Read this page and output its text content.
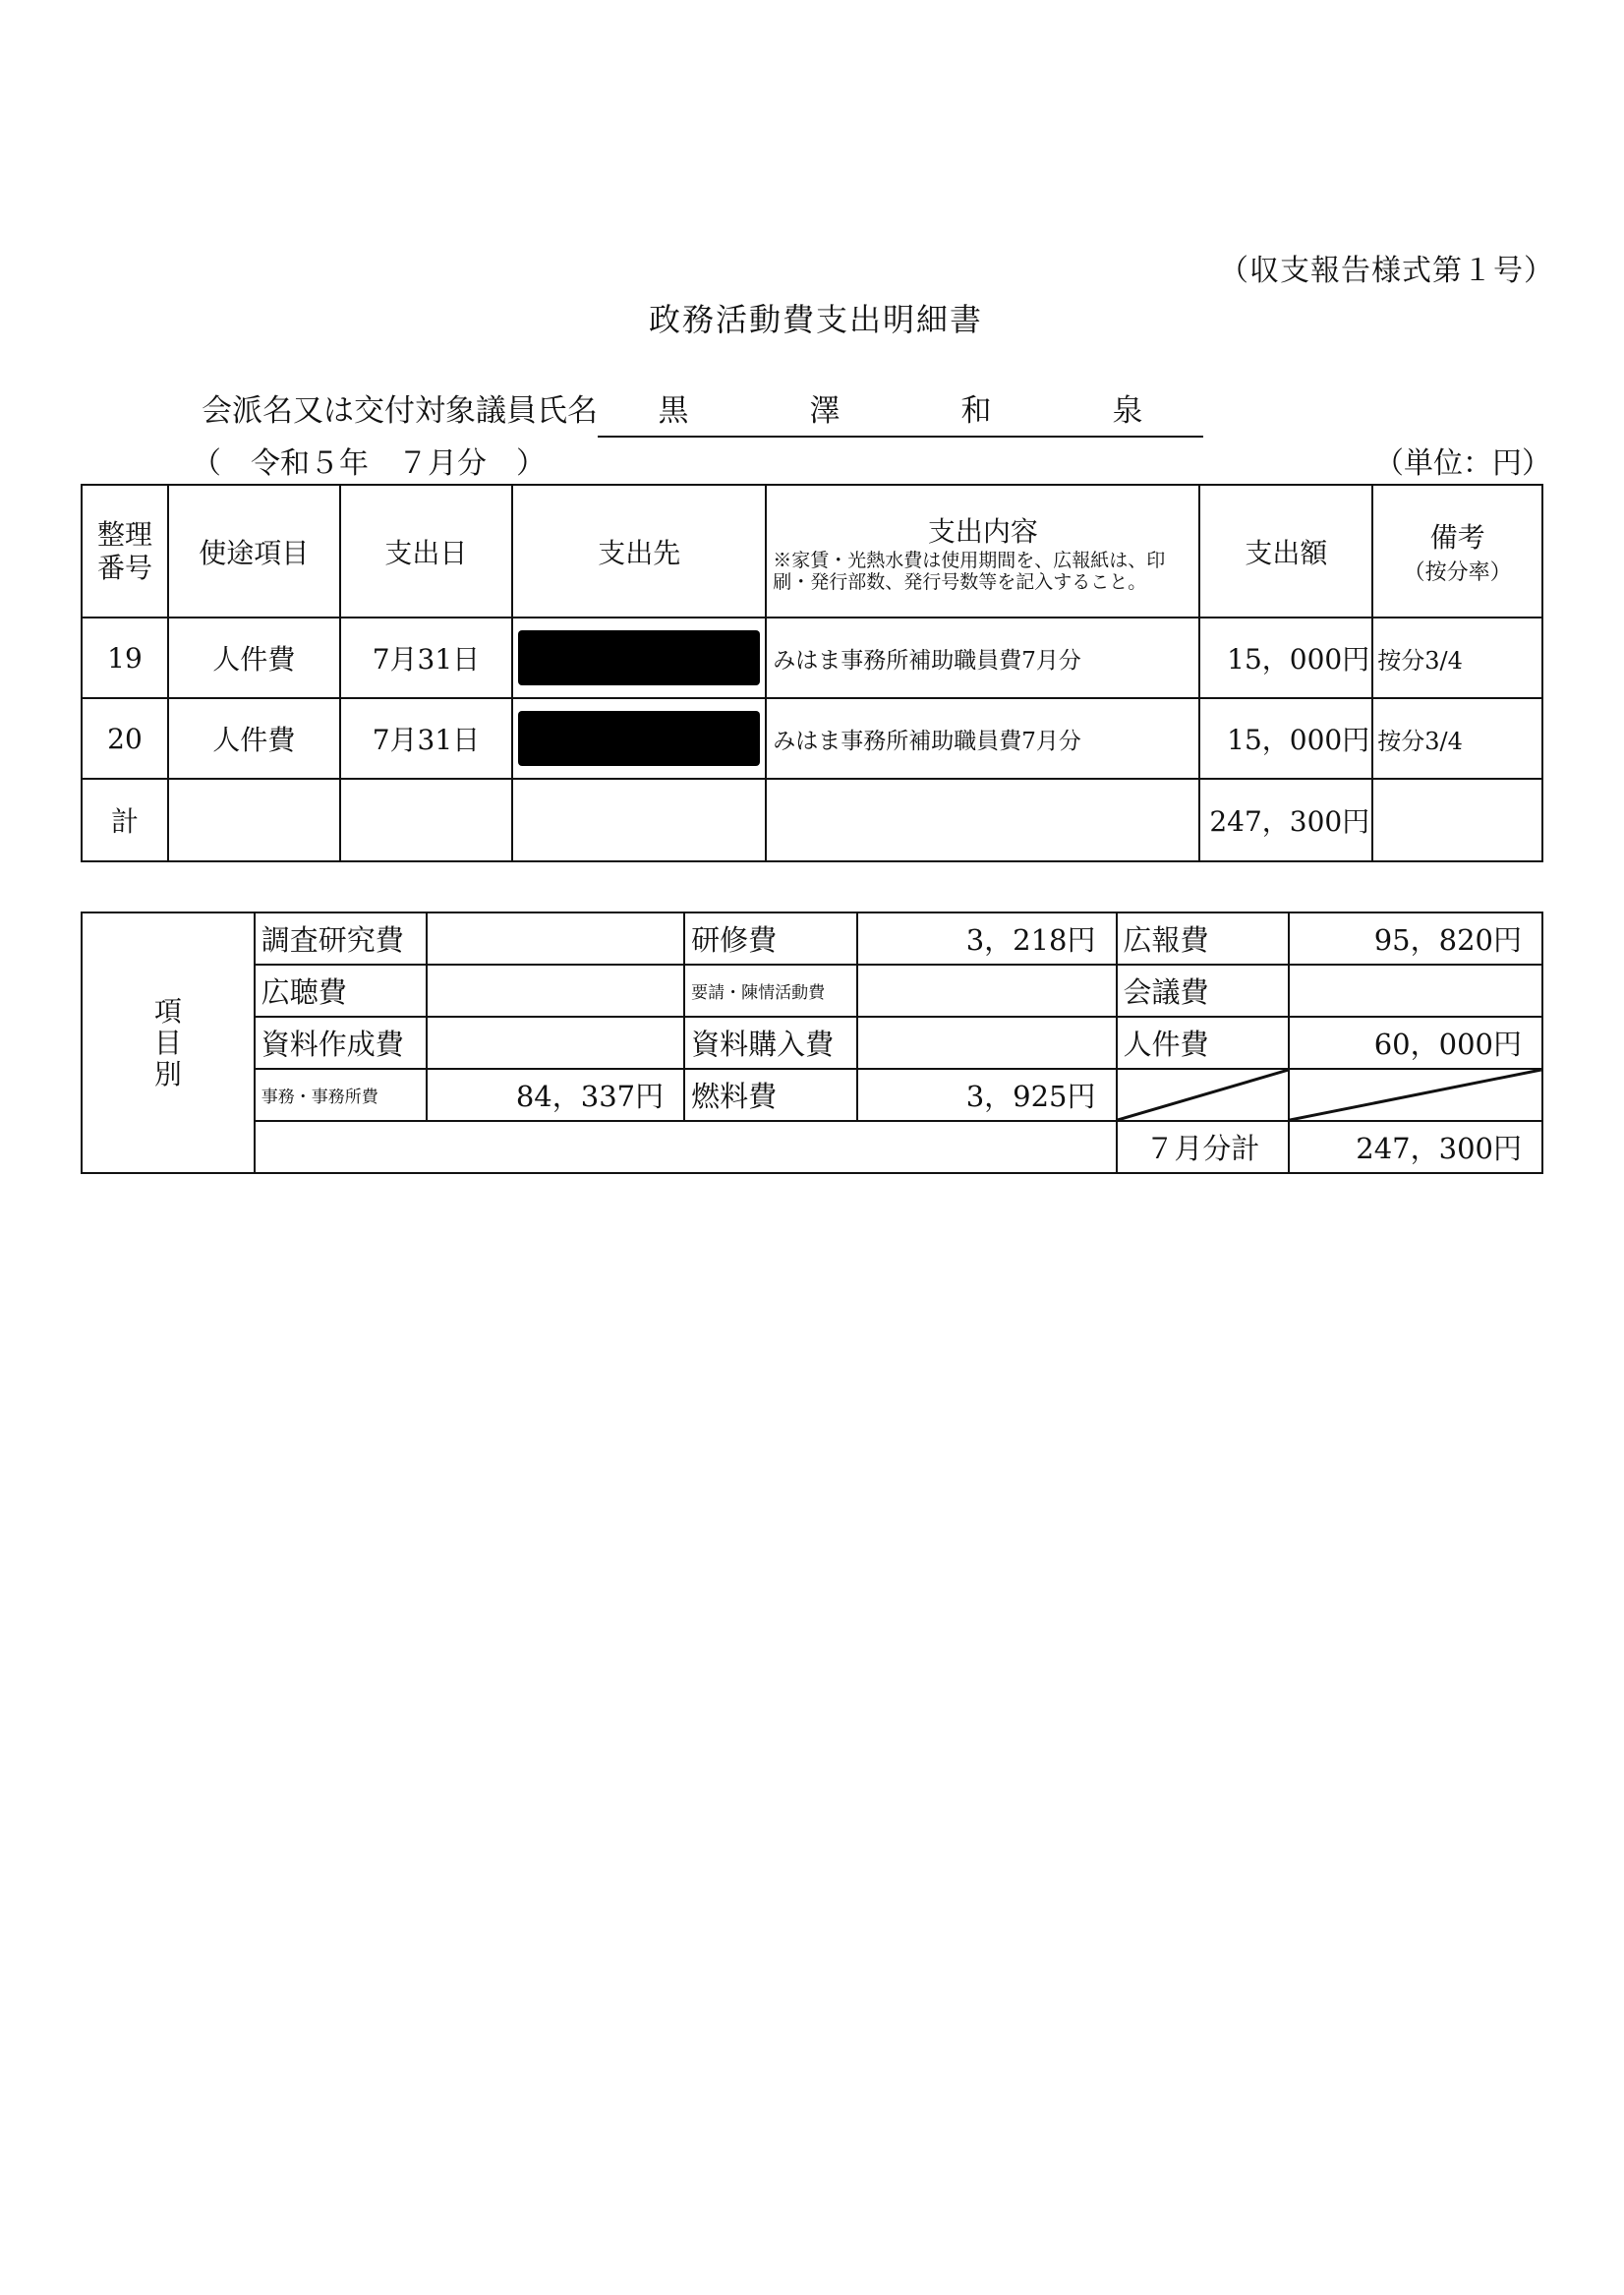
（収支報告様式第１号）
政務活動費支出明細書
会派名又は交付対象議員氏名 黒	澤	和	泉
（　令和５年　７月分　）	（単位：円）
整理
番号	使途項目	支出日	支出先	支出内容
※家賃・光熱水費は使用期間を、広報紙は、印刷・発行部数、発行号数等を記入すること。	支出額	備考
（按分率）

19	人件費	7月31日		みはま事務所補助職員費7月分	15，000円	按分3/4
20	人件費	7月31日		みはま事務所補助職員費7月分	15，000円	按分3/4
計					247，300円	
項
目
別	調査研究費		研修費	3，218円	広報費	95，820円
	広聴費		要請・陳情活動費		会議費	
	資料作成費		資料購入費		人件費	60，000円
	事務・事務所費	84，337円	燃料費	3，925円	

					７月分計	247，300円
